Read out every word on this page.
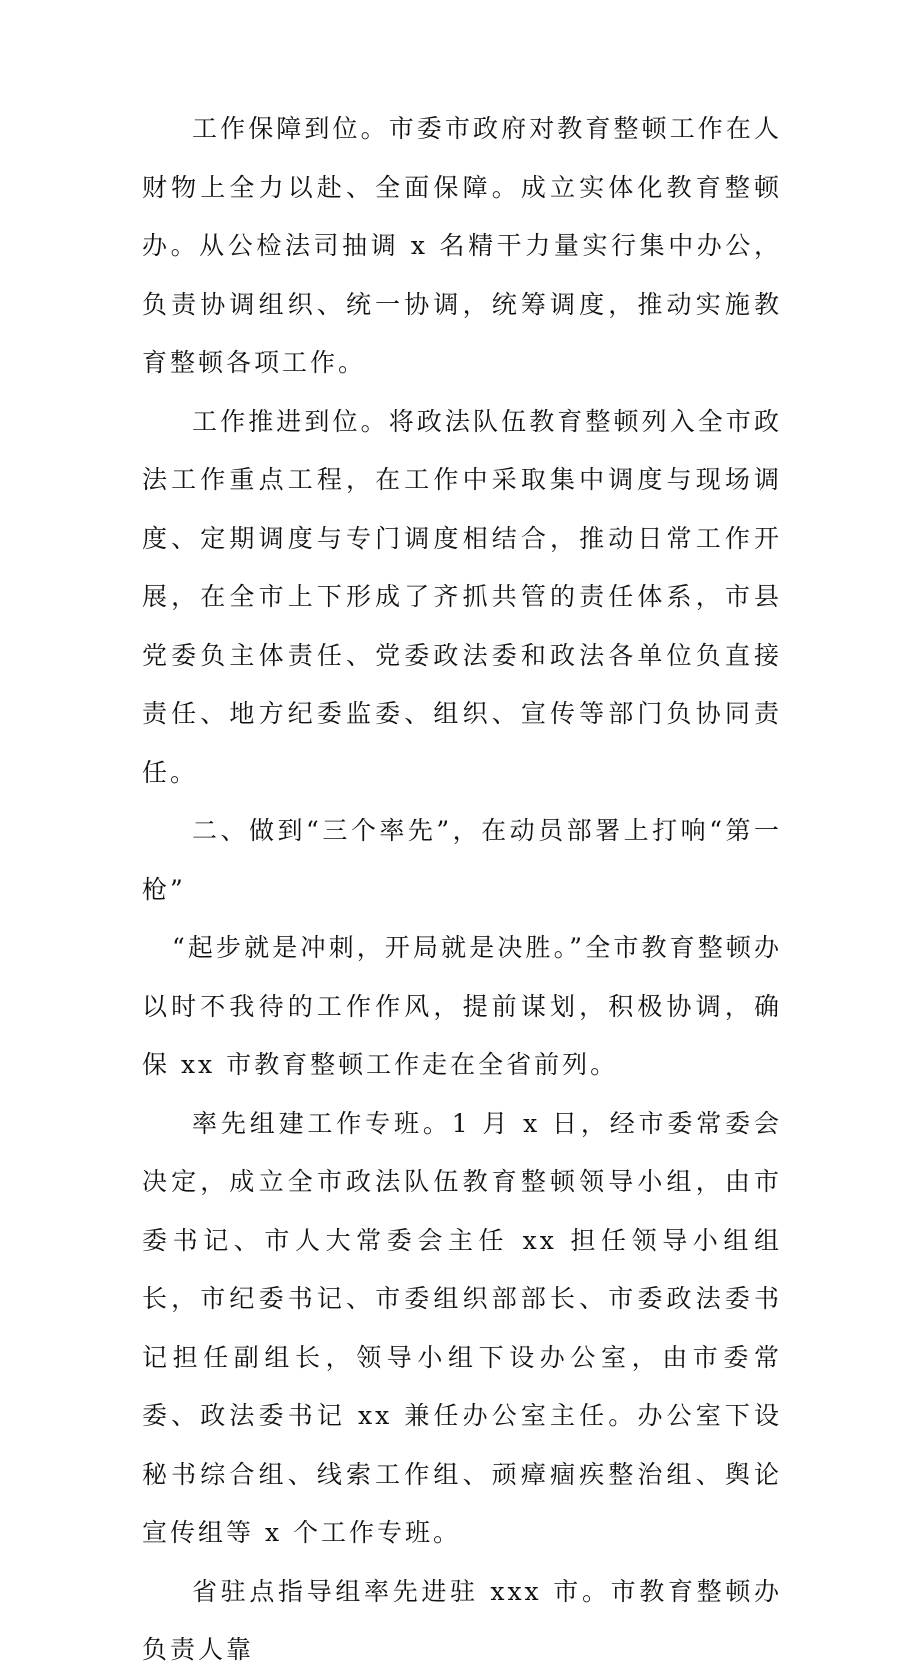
工作保障到位。市委市政府对教育整顿工作在人财物上全力以赴、全面保障。成立实体化教育整顿办。从公检法司抽调 x 名精干力量实行集中办公，负责协调组织、统一协调，统筹调度，推动实施教育整顿各项工作。

工作推进到位。将政法队伍教育整顿列入全市政法工作重点工程，在工作中采取集中调度与现场调度、定期调度与专门调度相结合，推动日常工作开展，在全市上下形成了齐抓共管的责任体系，市县党委负主体责任、党委政法委和政法各单位负直接责任、地方纪委监委、组织、宣传等部门负协同责任。

二、做到“三个率先”，在动员部署上打响“第一枪”

“起步就是冲刺，开局就是决胜。”全市教育整顿办以时不我待的工作作风，提前谋划，积极协调，确保 xx 市教育整顿工作走在全省前列。

率先组建工作专班。1 月 x 日，经市委常委会决定，成立全市政法队伍教育整顿领导小组，由市委书记、市人大常委会主任 xx 担任领导小组组长，市纪委书记、市委组织部部长、市委政法委书记担任副组长，领导小组下设办公室，由市委常委、政法委书记 xx 兼任办公室主任。办公室下设秘书综合组、线索工作组、顽瘴痼疾整治组、舆论宣传组等 x 个工作专班。

省驻点指导组率先进驻 xxx 市。市教育整顿办负责人靠
